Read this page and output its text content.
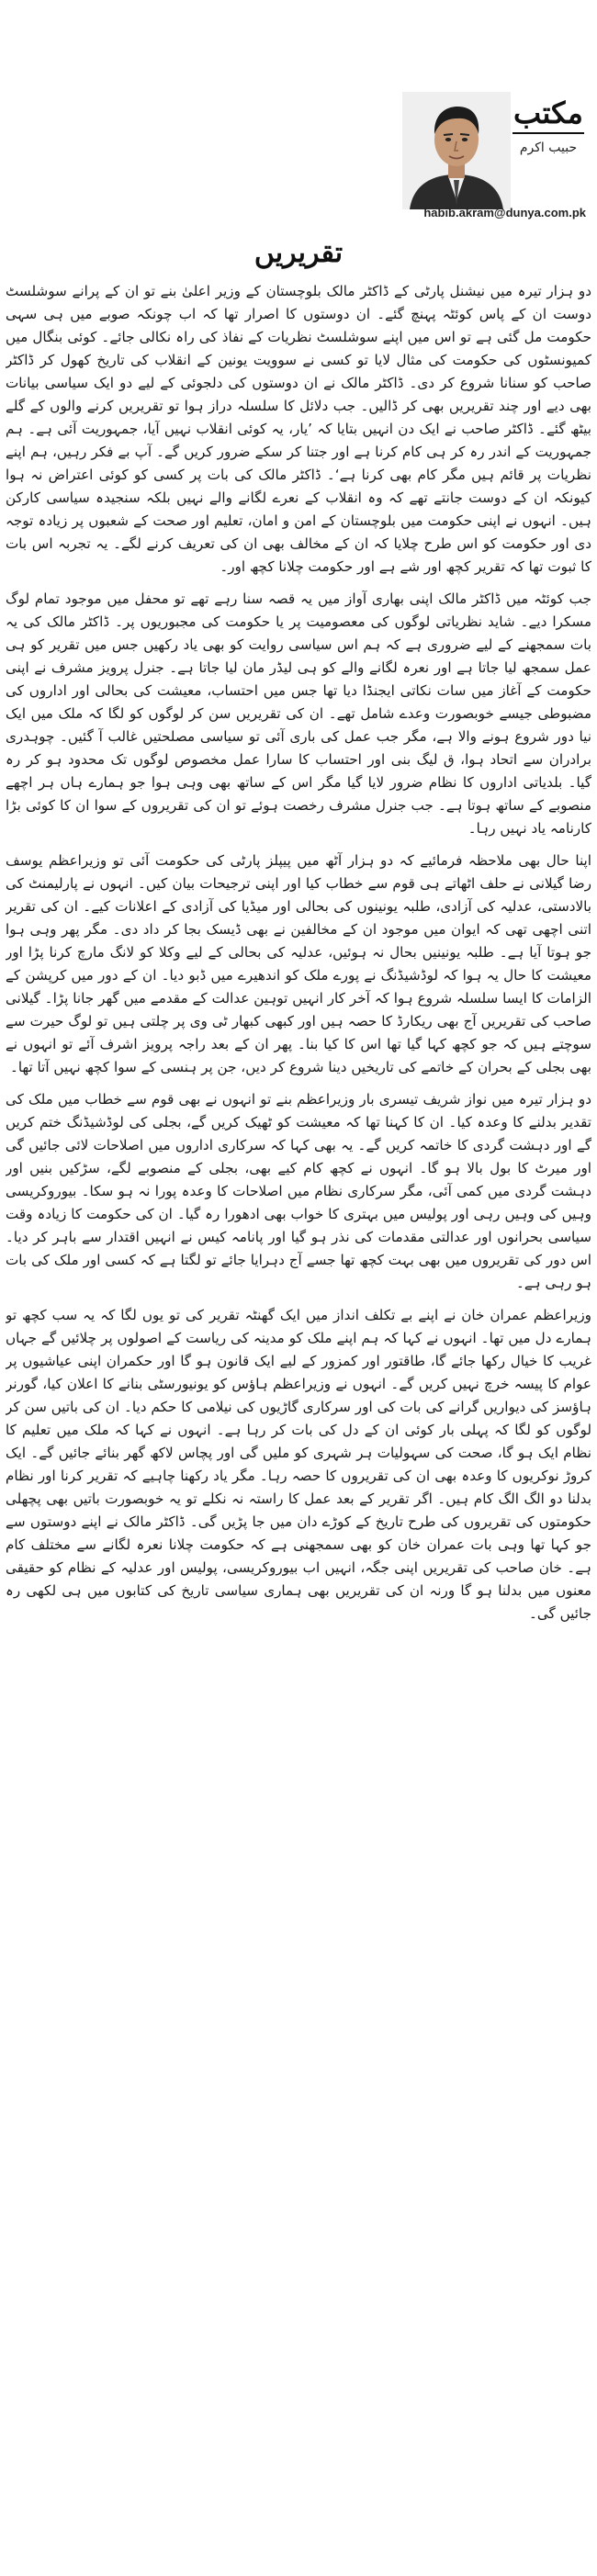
مکتب
حبیب اکرم
habib.akram@dunya.com.pk
تقریریں

دو ہزار تیرہ میں نیشنل پارٹی کے ڈاکٹر مالک بلوچستان کے وزیر اعلیٰ بنے تو ان کے پرانے سوشلسٹ دوست ان کے پاس کوئٹہ پہنچ گئے۔ ان دوستوں کا اصرار تھا کہ اب چونکہ صوبے میں ہی سہی حکومت مل گئی ہے تو اس میں اپنے سوشلسٹ نظریات کے نفاذ کی راہ نکالی جائے۔ کوئی بنگال میں کمیونسٹوں کی حکومت کی مثال لایا تو کسی نے سوویت یونین کے انقلاب کی تاریخ کھول کر ڈاکٹر صاحب کو سنانا شروع کر دی۔ ڈاکٹر مالک نے ان دوستوں کی دلجوئی کے لیے دو ایک سیاسی بیانات بھی دیے اور چند تقریریں بھی کر ڈالیں۔ جب دلائل کا سلسلہ دراز ہوا تو تقریریں کرنے والوں کے گلے بیٹھ گئے۔ ڈاکٹر صاحب نے ایک دن انہیں بتایا کہ ’یار، یہ کوئی انقلاب نہیں آیا، جمہوریت آئی ہے۔ ہم جمہوریت کے اندر رہ کر ہی کام کرنا ہے اور جتنا کر سکے ضرور کریں گے۔ آپ بے فکر رہیں، ہم اپنے نظریات پر قائم ہیں مگر کام بھی کرنا ہے‘۔ ڈاکٹر مالک کی بات پر کسی کو کوئی اعتراض نہ ہوا کیونکہ ان کے دوست جانتے تھے کہ وہ انقلاب کے نعرے لگانے والے نہیں بلکہ سنجیدہ سیاسی کارکن ہیں۔ انہوں نے اپنی حکومت میں بلوچستان کے امن و امان، تعلیم اور صحت کے شعبوں پر زیادہ توجہ دی اور حکومت کو اس طرح چلایا کہ ان کے مخالف بھی ان کی تعریف کرنے لگے۔ یہ تجربہ اس بات کا ثبوت تھا کہ تقریر کچھ اور شے ہے اور حکومت چلانا کچھ اور۔

جب کوئٹہ میں ڈاکٹر مالک اپنی بھاری آواز میں یہ قصہ سنا رہے تھے تو محفل میں موجود تمام لوگ مسکرا دیے۔ شاید نظریاتی لوگوں کی معصومیت پر یا حکومت کی مجبوریوں پر۔ ڈاکٹر مالک کی یہ بات سمجھنے کے لیے ضروری ہے کہ ہم اس سیاسی روایت کو بھی یاد رکھیں جس میں تقریر کو ہی عمل سمجھ لیا جاتا ہے اور نعرہ لگانے والے کو ہی لیڈر مان لیا جاتا ہے۔ جنرل پرویز مشرف نے اپنی حکومت کے آغاز میں سات نکاتی ایجنڈا دیا تھا جس میں احتساب، معیشت کی بحالی اور اداروں کی مضبوطی جیسے خوبصورت وعدے شامل تھے۔ ان کی تقریریں سن کر لوگوں کو لگا کہ ملک میں ایک نیا دور شروع ہونے والا ہے، مگر جب عمل کی باری آئی تو سیاسی مصلحتیں غالب آ گئیں۔ چوہدری برادران سے اتحاد ہوا، ق لیگ بنی اور احتساب کا سارا عمل مخصوص لوگوں تک محدود ہو کر رہ گیا۔ بلدیاتی اداروں کا نظام ضرور لایا گیا مگر اس کے ساتھ بھی وہی ہوا جو ہمارے ہاں ہر اچھے منصوبے کے ساتھ ہوتا ہے۔ جب جنرل مشرف رخصت ہوئے تو ان کی تقریروں کے سوا ان کا کوئی بڑا کارنامہ یاد نہیں رہا۔

اپنا حال بھی ملاحظہ فرمائیے کہ دو ہزار آٹھ میں پیپلز پارٹی کی حکومت آئی تو وزیراعظم یوسف رضا گیلانی نے حلف اٹھاتے ہی قوم سے خطاب کیا اور اپنی ترجیحات بیان کیں۔ انہوں نے پارلیمنٹ کی بالادستی، عدلیہ کی آزادی، طلبہ یونینوں کی بحالی اور میڈیا کی آزادی کے اعلانات کیے۔ ان کی تقریر اتنی اچھی تھی کہ ایوان میں موجود ان کے مخالفین نے بھی ڈیسک بجا کر داد دی۔ مگر پھر وہی ہوا جو ہوتا آیا ہے۔ طلبہ یونینیں بحال نہ ہوئیں، عدلیہ کی بحالی کے لیے وکلا کو لانگ مارچ کرنا پڑا اور معیشت کا حال یہ ہوا کہ لوڈشیڈنگ نے پورے ملک کو اندھیرے میں ڈبو دیا۔ ان کے دور میں کرپشن کے الزامات کا ایسا سلسلہ شروع ہوا کہ آخر کار انہیں توہین عدالت کے مقدمے میں گھر جانا پڑا۔ گیلانی صاحب کی تقریریں آج بھی ریکارڈ کا حصہ ہیں اور کبھی کبھار ٹی وی پر چلتی ہیں تو لوگ حیرت سے سوچتے ہیں کہ جو کچھ کہا گیا تھا اس کا کیا بنا۔ پھر ان کے بعد راجہ پرویز اشرف آئے تو انہوں نے بھی بجلی کے بحران کے خاتمے کی تاریخیں دینا شروع کر دیں، جن پر ہنسی کے سوا کچھ نہیں آتا تھا۔

دو ہزار تیرہ میں نواز شریف تیسری بار وزیراعظم بنے تو انہوں نے بھی قوم سے خطاب میں ملک کی تقدیر بدلنے کا وعدہ کیا۔ ان کا کہنا تھا کہ معیشت کو ٹھیک کریں گے، بجلی کی لوڈشیڈنگ ختم کریں گے اور دہشت گردی کا خاتمہ کریں گے۔ یہ بھی کہا کہ سرکاری اداروں میں اصلاحات لائی جائیں گی اور میرٹ کا بول بالا ہو گا۔ انہوں نے کچھ کام کیے بھی، بجلی کے منصوبے لگے، سڑکیں بنیں اور دہشت گردی میں کمی آئی، مگر سرکاری نظام میں اصلاحات کا وعدہ پورا نہ ہو سکا۔ بیوروکریسی وہیں کی وہیں رہی اور پولیس میں بہتری کا خواب بھی ادھورا رہ گیا۔ ان کی حکومت کا زیادہ وقت سیاسی بحرانوں اور عدالتی مقدمات کی نذر ہو گیا اور پانامہ کیس نے انہیں اقتدار سے باہر کر دیا۔ اس دور کی تقریروں میں بھی بہت کچھ تھا جسے آج دہرایا جائے تو لگتا ہے کہ کسی اور ملک کی بات ہو رہی ہے۔

وزیراعظم عمران خان نے اپنے بے تکلف انداز میں ایک گھنٹہ تقریر کی تو یوں لگا کہ یہ سب کچھ تو ہمارے دل میں تھا۔ انہوں نے کہا کہ ہم اپنے ملک کو مدینہ کی ریاست کے اصولوں پر چلائیں گے جہاں غریب کا خیال رکھا جائے گا، طاقتور اور کمزور کے لیے ایک قانون ہو گا اور حکمران اپنی عیاشیوں پر عوام کا پیسہ خرچ نہیں کریں گے۔ انہوں نے وزیراعظم ہاؤس کو یونیورسٹی بنانے کا اعلان کیا، گورنر ہاؤسز کی دیواریں گرانے کی بات کی اور سرکاری گاڑیوں کی نیلامی کا حکم دیا۔ ان کی باتیں سن کر لوگوں کو لگا کہ پہلی بار کوئی ان کے دل کی بات کر رہا ہے۔ انہوں نے کہا کہ ملک میں تعلیم کا نظام ایک ہو گا، صحت کی سہولیات ہر شہری کو ملیں گی اور پچاس لاکھ گھر بنائے جائیں گے۔ ایک کروڑ نوکریوں کا وعدہ بھی ان کی تقریروں کا حصہ رہا۔ مگر یاد رکھنا چاہیے کہ تقریر کرنا اور نظام بدلنا دو الگ الگ کام ہیں۔ اگر تقریر کے بعد عمل کا راستہ نہ نکلے تو یہ خوبصورت باتیں بھی پچھلی حکومتوں کی تقریروں کی طرح تاریخ کے کوڑے دان میں جا پڑیں گی۔ ڈاکٹر مالک نے اپنے دوستوں سے جو کہا تھا وہی بات عمران خان کو بھی سمجھنی ہے کہ حکومت چلانا نعرہ لگانے سے مختلف کام ہے۔ خان صاحب کی تقریریں اپنی جگہ، انہیں اب بیوروکریسی، پولیس اور عدلیہ کے نظام کو حقیقی معنوں میں بدلنا ہو گا ورنہ ان کی تقریریں بھی ہماری سیاسی تاریخ کی کتابوں میں ہی لکھی رہ جائیں گی۔
